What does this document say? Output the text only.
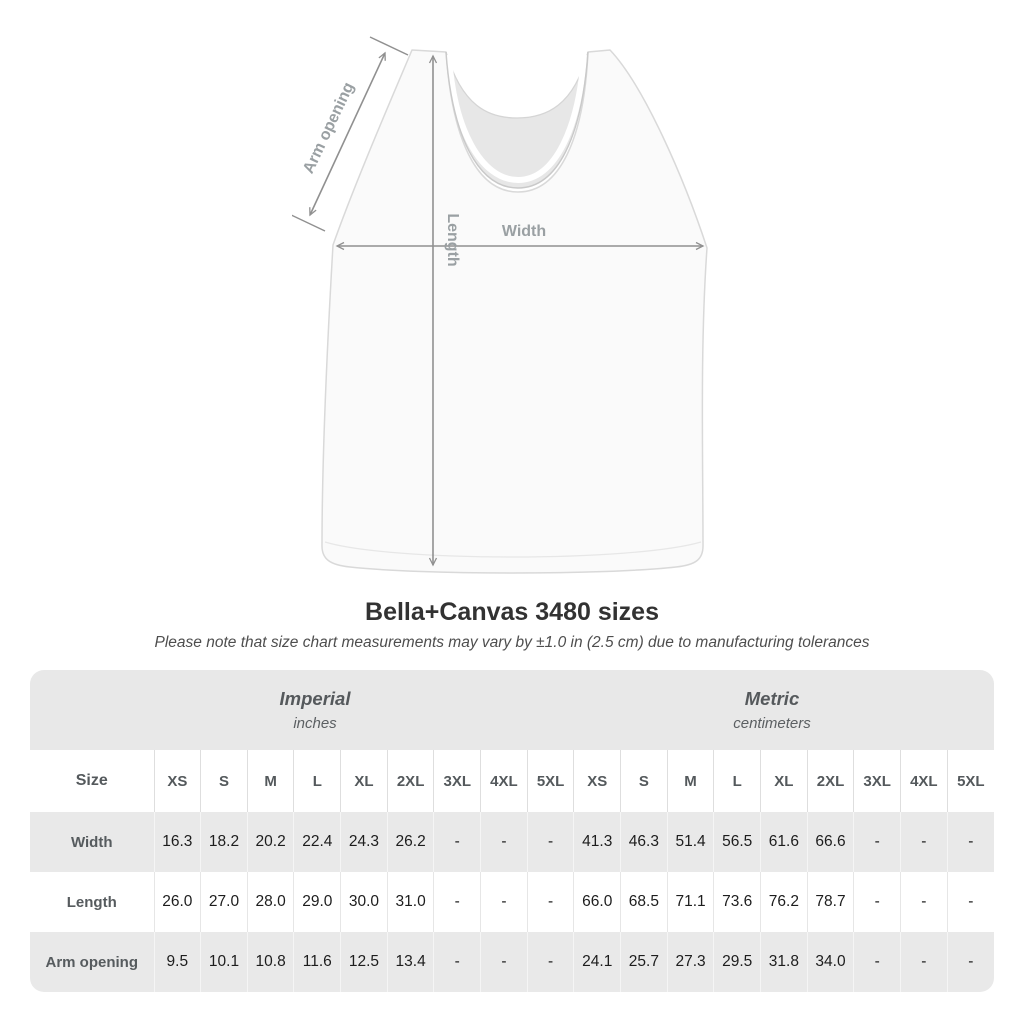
Arm opening
Length	Width
Bella+Canvas 3480 sizes

Please note that size chart measurements may vary by ±1.0 in (2.5 cm) due to manufacturing tolerances

Imperial
inches
Metric
centimeters
Size	XS	S	M	L	XL	2XL	3XL	4XL	5XL	XS	S	M	L	XL	2XL	3XL	4XL	5XL
Width	16.3	18.2	20.2	22.4	24.3	26.2	-	-	-	41.3	46.3	51.4	56.5	61.6	66.6	-	-	-
Length	26.0	27.0	28.0	29.0	30.0	31.0	-	-	-	66.0	68.5	71.1	73.6	76.2	78.7	-	-	-
Arm opening	9.5	10.1	10.8	11.6	12.5	13.4	-	-	-	24.1	25.7	27.3	29.5	31.8	34.0	-	-	-
